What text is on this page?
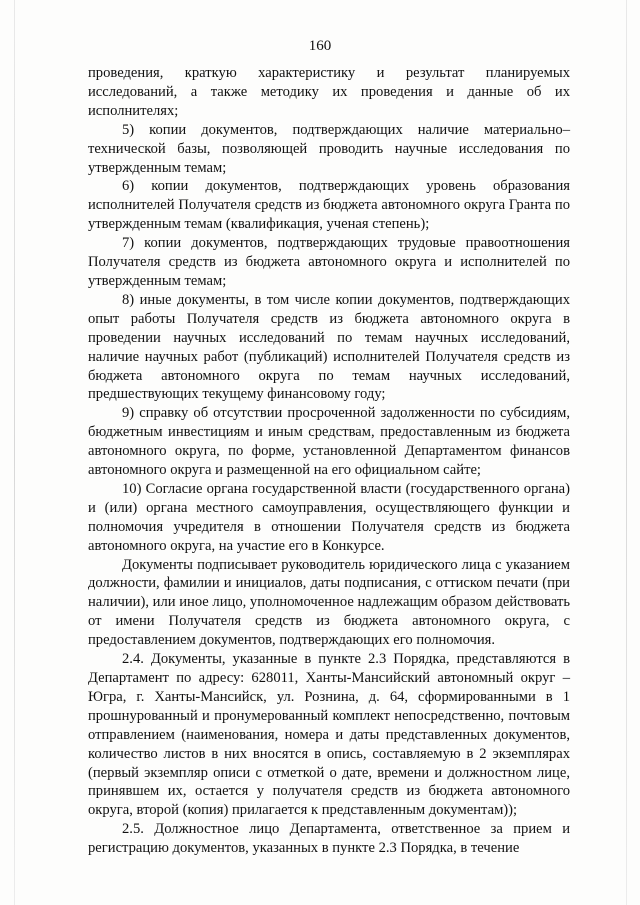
160

проведения, краткую характеристику и результат планируемых исследований, а также методику их проведения и данные об их исполнителях;

5) копии документов, подтверждающих наличие материально–технической базы, позволяющей проводить научные исследования по утвержденным темам;

6) копии документов, подтверждающих уровень образования исполнителей Получателя средств из бюджета автономного округа Гранта по утвержденным темам (квалификация, ученая степень);

7) копии документов, подтверждающих трудовые правоотношения Получателя средств из бюджета автономного округа и исполнителей по утвержденным темам;

8) иные документы, в том числе копии документов, подтверждающих опыт работы Получателя средств из бюджета автономного округа в проведении научных исследований по темам научных исследований, наличие научных работ (публикаций) исполнителей Получателя средств из бюджета автономного округа по темам научных исследований, предшествующих текущему финансовому году;

9) справку об отсутствии просроченной задолженности по субсидиям, бюджетным инвестициям и иным средствам, предоставленным из бюджета автономного округа, по форме, установленной Департаментом финансов автономного округа и размещенной на его официальном сайте;

10) Согласие органа государственной власти (государственного органа) и (или) органа местного самоуправления, осуществляющего функции и полномочия учредителя в отношении Получателя средств из бюджета автономного округа, на участие его в Конкурсе.

Документы подписывает руководитель юридического лица с указанием должности, фамилии и инициалов, даты подписания, с оттиском печати (при наличии), или иное лицо, уполномоченное надлежащим образом действовать от имени Получателя средств из бюджета автономного округа, с предоставлением документов, подтверждающих его полномочия.

2.4. Документы, указанные в пункте 2.3 Порядка, представляются в Департамент по адресу: 628011, Ханты-Мансийский автономный округ – Югра, г. Ханты-Мансийск, ул. Рознина, д. 64, сформированными в 1 прошнурованный и пронумерованный комплект непосредственно, почтовым отправлением (наименования, номера и даты представленных документов, количество листов в них вносятся в опись, составляемую в 2 экземплярах (первый экземпляр описи с отметкой о дате, времени и должностном лице, принявшем их, остается у получателя средств из бюджета автономного округа, второй (копия) прилагается к представленным документам));

2.5. Должностное лицо Департамента, ответственное за прием и регистрацию документов, указанных в пункте 2.3 Порядка, в течение
